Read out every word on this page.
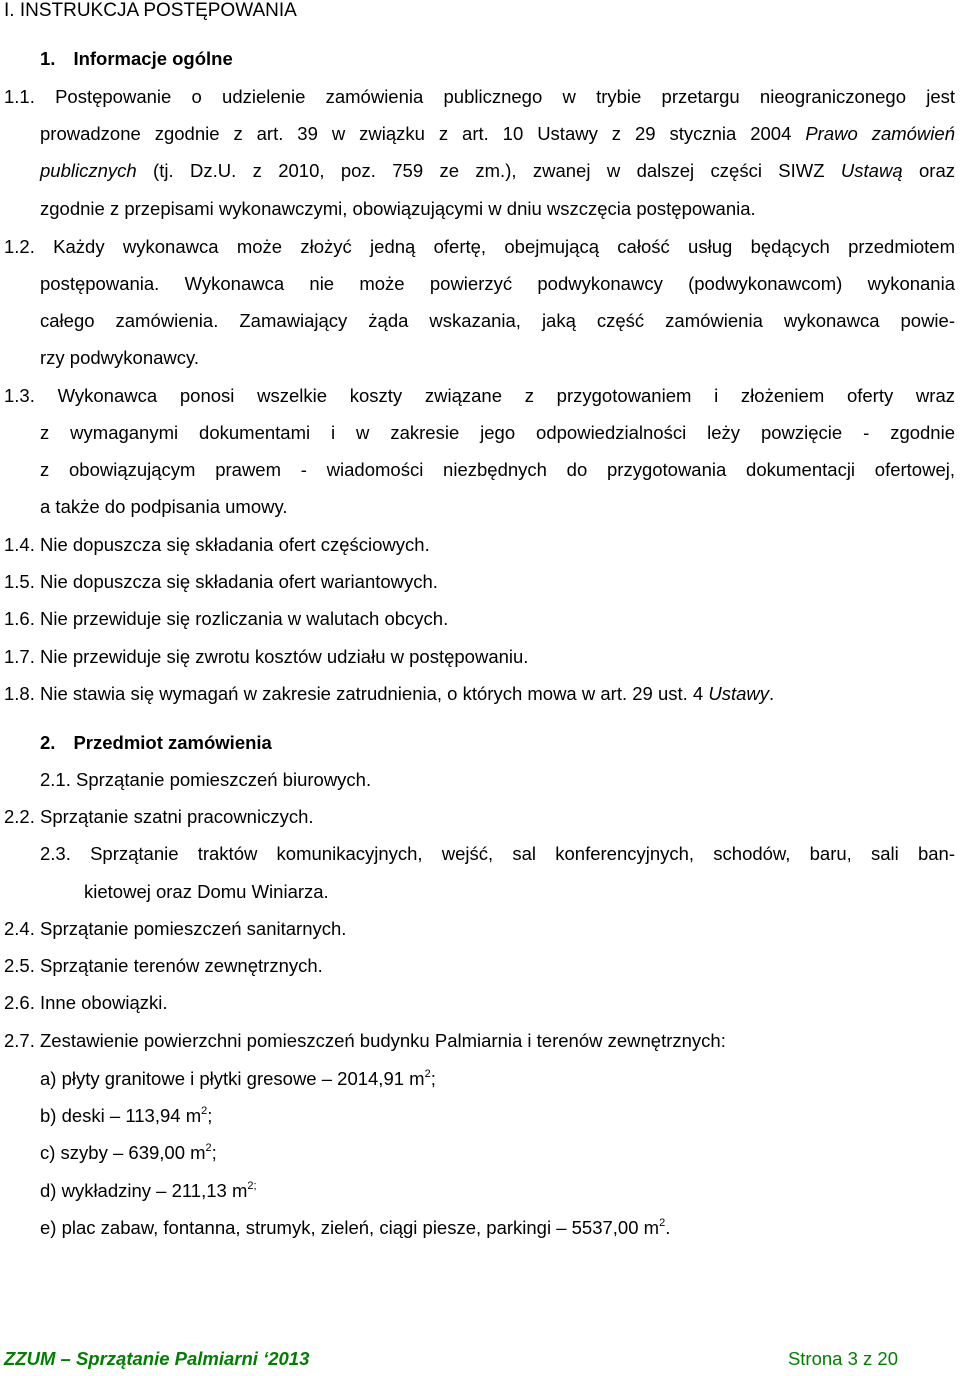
I. INSTRUKCJA POSTĘPOWANIA
1. Informacje ogólne
1.1. Postępowanie o udzielenie zamówienia publicznego w trybie przetargu nieograniczonego jest
prowadzone zgodnie z art. 39 w związku z art. 10 Ustawy z 29 stycznia 2004 Prawo zamówień
publicznych (tj. Dz.U. z 2010, poz. 759 ze zm.), zwanej w dalszej części SIWZ Ustawą oraz
zgodnie z przepisami wykonawczymi, obowiązującymi w dniu wszczęcia postępowania.
1.2. Każdy wykonawca może złożyć jedną ofertę, obejmującą całość usług będących przedmiotem
postępowania. Wykonawca nie może powierzyć podwykonawcy (podwykonawcom) wykonania
całego zamówienia. Zamawiający żąda wskazania, jaką część zamówienia wykonawca powie-
rzy podwykonawcy.
1.3. Wykonawca ponosi wszelkie koszty związane z przygotowaniem i złożeniem oferty wraz
z wymaganymi dokumentami i w zakresie jego odpowiedzialności leży powzięcie - zgodnie
z obowiązującym prawem - wiadomości niezbędnych do przygotowania dokumentacji ofertowej,
a także do podpisania umowy.
1.4. Nie dopuszcza się składania ofert częściowych.
1.5. Nie dopuszcza się składania ofert wariantowych.
1.6. Nie przewiduje się rozliczania w walutach obcych.
1.7. Nie przewiduje się zwrotu kosztów udziału w postępowaniu.
1.8. Nie stawia się wymagań w zakresie zatrudnienia, o których mowa w art. 29 ust. 4 Ustawy.
2. Przedmiot zamówienia
2.1. Sprzątanie pomieszczeń biurowych.
2.2. Sprzątanie szatni pracowniczych.
2.3. Sprzątanie traktów komunikacyjnych, wejść, sal konferencyjnych, schodów, baru, sali ban-
kietowej oraz Domu Winiarza.
2.4. Sprzątanie pomieszczeń sanitarnych.
2.5. Sprzątanie terenów zewnętrznych.
2.6. Inne obowiązki.
2.7. Zestawienie powierzchni pomieszczeń budynku Palmiarnia i terenów zewnętrznych:
a) płyty granitowe i płytki gresowe – 2014,91 $m^2$;
b) deski – 113,94 $m^2$;
c) szyby – 639,00 $m^2$;
d) wykładziny – 211,13 $m^{2;}$
e) plac zabaw, fontanna, strumyk, zieleń, ciągi piesze, parkingi – 5537,00 $m^2$.
ZZUM – Sprzątanie Palmiarni ‘2013	Strona 3 z 20
